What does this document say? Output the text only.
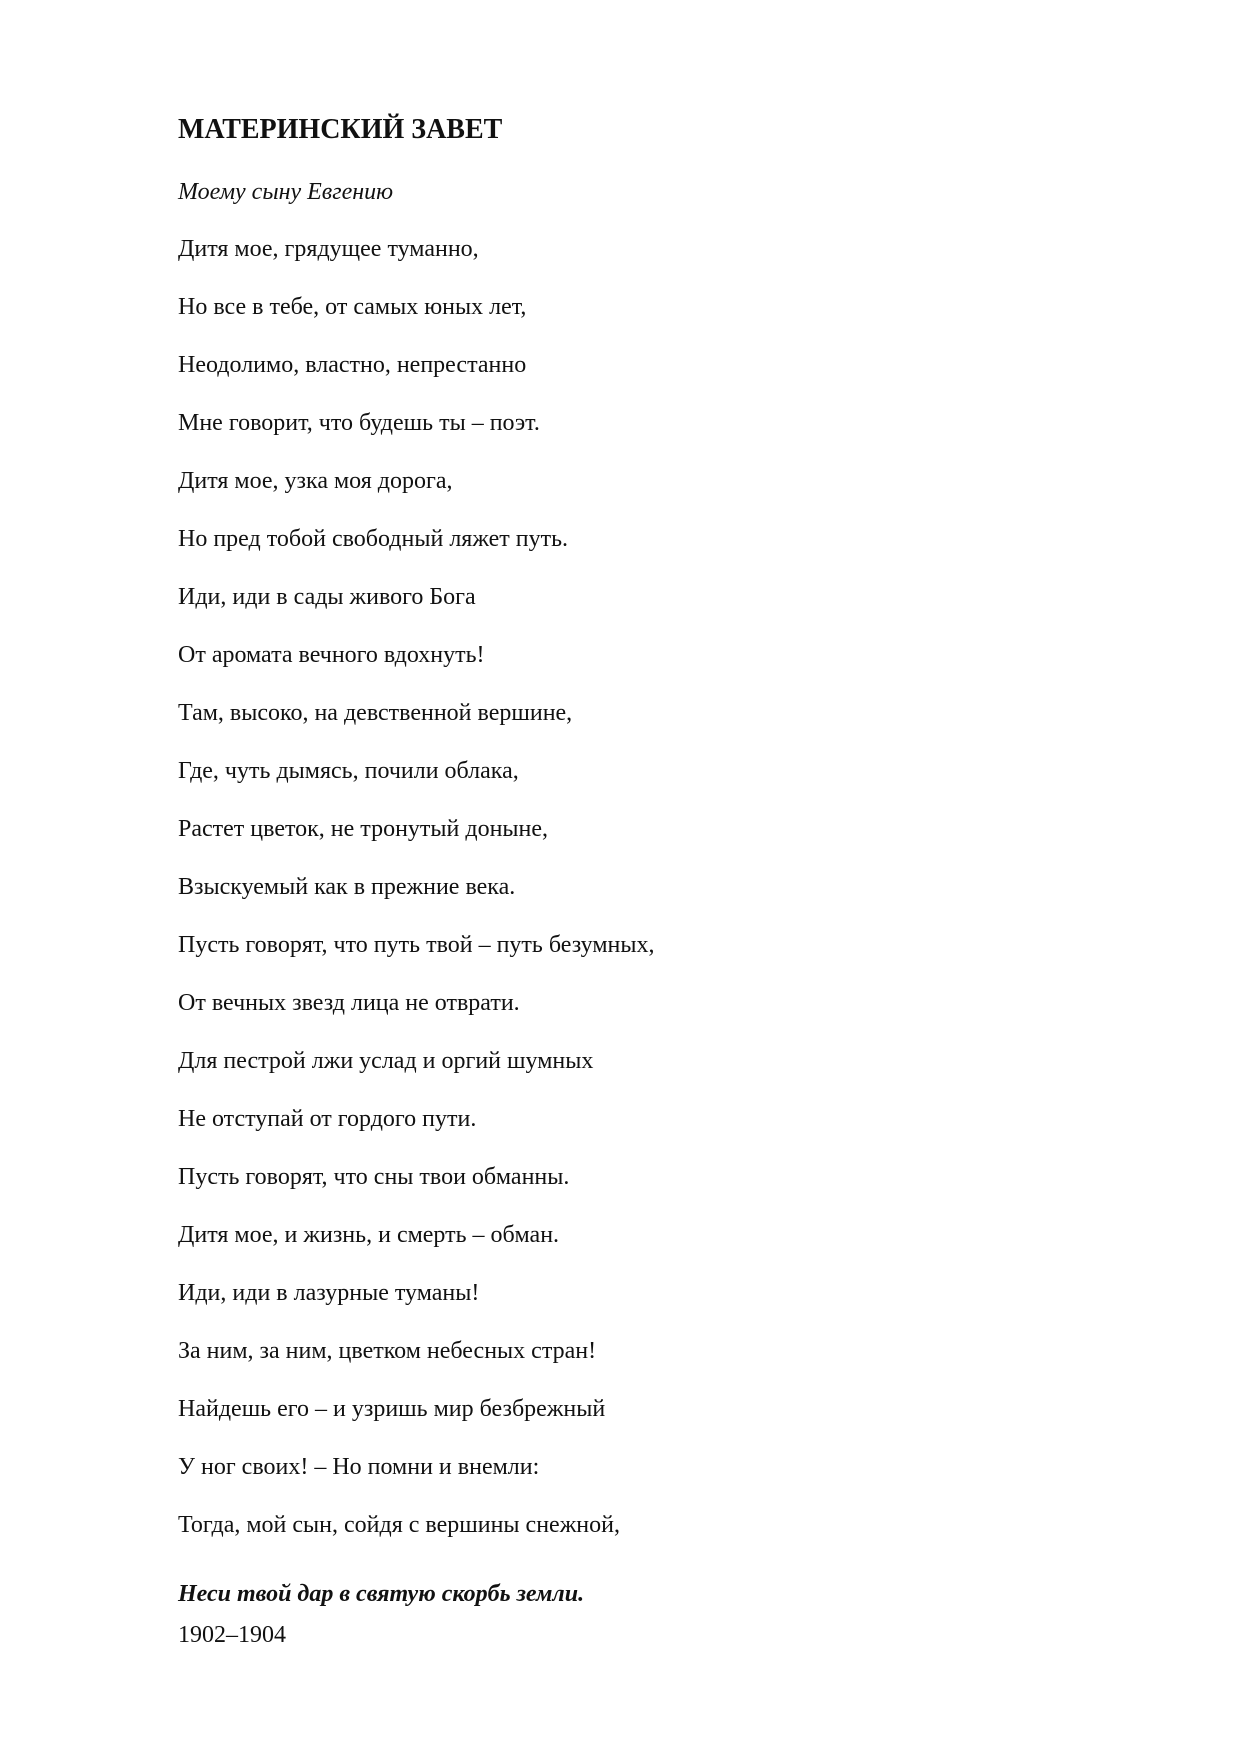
МАТЕРИНСКИЙ ЗАВЕТ
Моему сыну Евгению
Дитя мое, грядущее туманно,
Но все в тебе, от самых юных лет,
Неодолимо, властно, непрестанно
Мне говорит, что будешь ты – поэт.
Дитя мое, узка моя дорога,
Но пред тобой свободный ляжет путь.
Иди, иди в сады живого Бога
От аромата вечного вдохнуть!
Там, высоко, на девственной вершине,
Где, чуть дымясь, почили облака,
Растет цветок, не тронутый доныне,
Взыскуемый как в прежние века.
Пусть говорят, что путь твой – путь безумных,
От вечных звезд лица не отврати.
Для пестрой лжи услад и оргий шумных
Не отступай от гордого пути.
Пусть говорят, что сны твои обманны.
Дитя мое, и жизнь, и смерть – обман.
Иди, иди в лазурные туманы!
За ним, за ним, цветком небесных стран!
Найдешь его – и узришь мир безбрежный
У ног своих! – Но помни и внемли:
Тогда, мой сын, сойдя с вершины снежной,
Неси твой дар в святую скорбь земли.
1902–1904
